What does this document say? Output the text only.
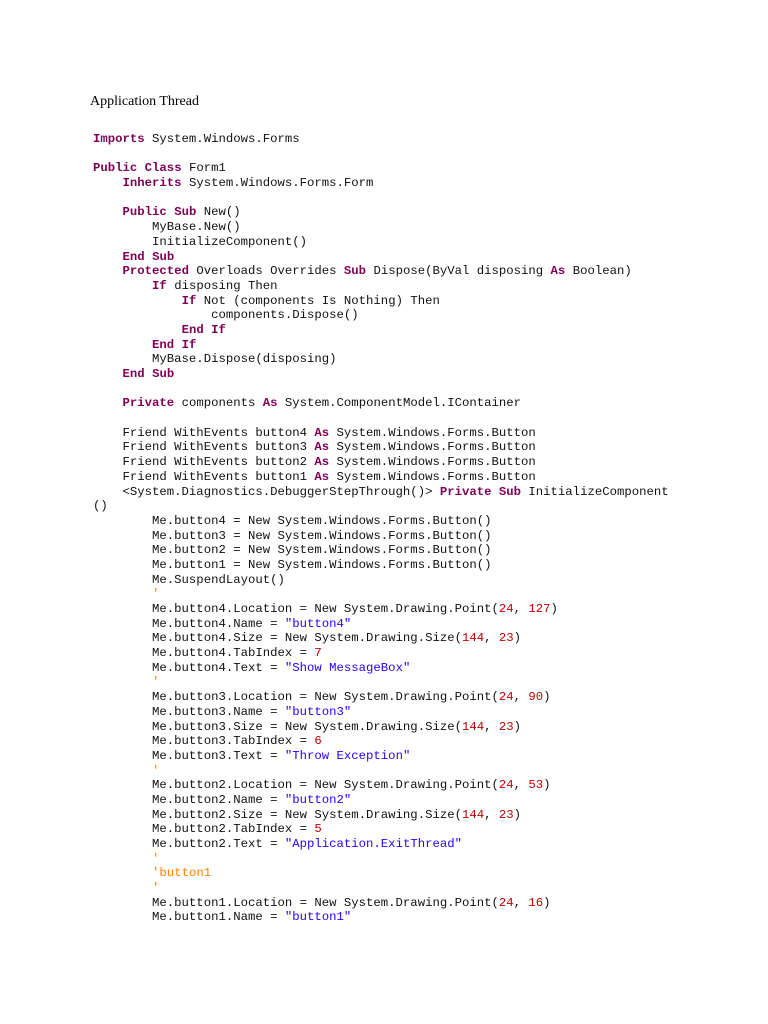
Application Thread
Imports System.Windows.Forms

Public Class Form1
Inherits System.Windows.Forms.Form

Public Sub New()
MyBase.New()
InitializeComponent()
End Sub
Protected Overloads Overrides Sub Dispose(ByVal disposing As Boolean)
If disposing Then
If Not (components Is Nothing) Then
components.Dispose()
End If
End If
MyBase.Dispose(disposing)
End Sub

Private components As System.ComponentModel.IContainer

Friend WithEvents button4 As System.Windows.Forms.Button
Friend WithEvents button3 As System.Windows.Forms.Button
Friend WithEvents button2 As System.Windows.Forms.Button
Friend WithEvents button1 As System.Windows.Forms.Button
<System.Diagnostics.DebuggerStepThrough()> Private Sub InitializeComponent
()
Me.button4 = New System.Windows.Forms.Button()
Me.button3 = New System.Windows.Forms.Button()
Me.button2 = New System.Windows.Forms.Button()
Me.button1 = New System.Windows.Forms.Button()
Me.SuspendLayout()
'
Me.button4.Location = New System.Drawing.Point(24, 127)
Me.button4.Name = "button4"
Me.button4.Size = New System.Drawing.Size(144, 23)
Me.button4.TabIndex = 7
Me.button4.Text = "Show MessageBox"
'
Me.button3.Location = New System.Drawing.Point(24, 90)
Me.button3.Name = "button3"
Me.button3.Size = New System.Drawing.Size(144, 23)
Me.button3.TabIndex = 6
Me.button3.Text = "Throw Exception"
'
Me.button2.Location = New System.Drawing.Point(24, 53)
Me.button2.Name = "button2"
Me.button2.Size = New System.Drawing.Size(144, 23)
Me.button2.TabIndex = 5
Me.button2.Text = "Application.ExitThread"
'
'button1
'
Me.button1.Location = New System.Drawing.Point(24, 16)
Me.button1.Name = "button1"
